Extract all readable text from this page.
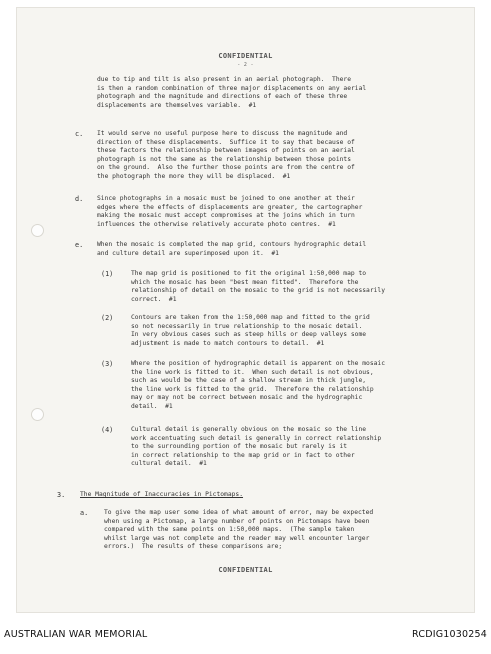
CONFIDENTIAL
- 2 -
due to tip and tilt is also present in an aerial photograph.  There
is then a random combination of three major displacements on any aerial
photograph and the magnitude and directions of each of these three
displacements are themselves variable.  #1
c. It would serve no useful purpose here to discuss the magnitude and
direction of these displacements.  Suffice it to say that because of
these factors the relationship between images of points on an aerial
photograph is not the same as the relationship between those points
on the ground.  Also the further those points are from the centre of
the photograph the more they will be displaced.  #1
d. Since photographs in a mosaic must be joined to one another at their
edges where the effects of displacements are greater, the cartographer
making the mosaic must accept compromises at the joins which in turn
influences the otherwise relatively accurate photo centres.  #1
e. When the mosaic is completed the map grid, contours hydrographic detail
and culture detail are superimposed upon it.  #1
(1)	The map grid is positioned to fit the original 1:50,000 map to
which the mosaic has been "best mean fitted".  Therefore the
relationship of detail on the mosaic to the grid is not necessarily
correct.  #1
(2)	Contours are taken from the 1:50,000 map and fitted to the grid
so not necessarily in true relationship to the mosaic detail.
In very obvious cases such as steep hills or deep valleys some
adjustment is made to match contours to detail.  #1
(3)	Where the position of hydrographic detail is apparent on the mosaic
the line work is fitted to it.  When such detail is not obvious,
such as would be the case of a shallow stream in thick jungle,
the line work is fitted to the grid.  Therefore the relationship
may or may not be correct between mosaic and the hydrographic
detail.  #1
(4)	Cultural detail is generally obvious on the mosaic so the line
work accentuating such detail is generally in correct relationship
to the surrounding portion of the mosaic but rarely is it
in correct relationship to the map grid or in fact to other
cultural detail.  #1
3. The Magnitude of Inaccuracies in Pictomaps.
a.	To give the map user some idea of what amount of error, may be expected
when using a Pictomap, a large number of points on Pictomaps have been
compared with the same points on 1:50,000 maps.  (The sample taken
whilst large was not complete and the reader may well encounter larger
errors.)  The results of these comparisons are;
CONFIDENTIAL
AUSTRALIAN WAR MEMORIAL	RCDIG1030254
